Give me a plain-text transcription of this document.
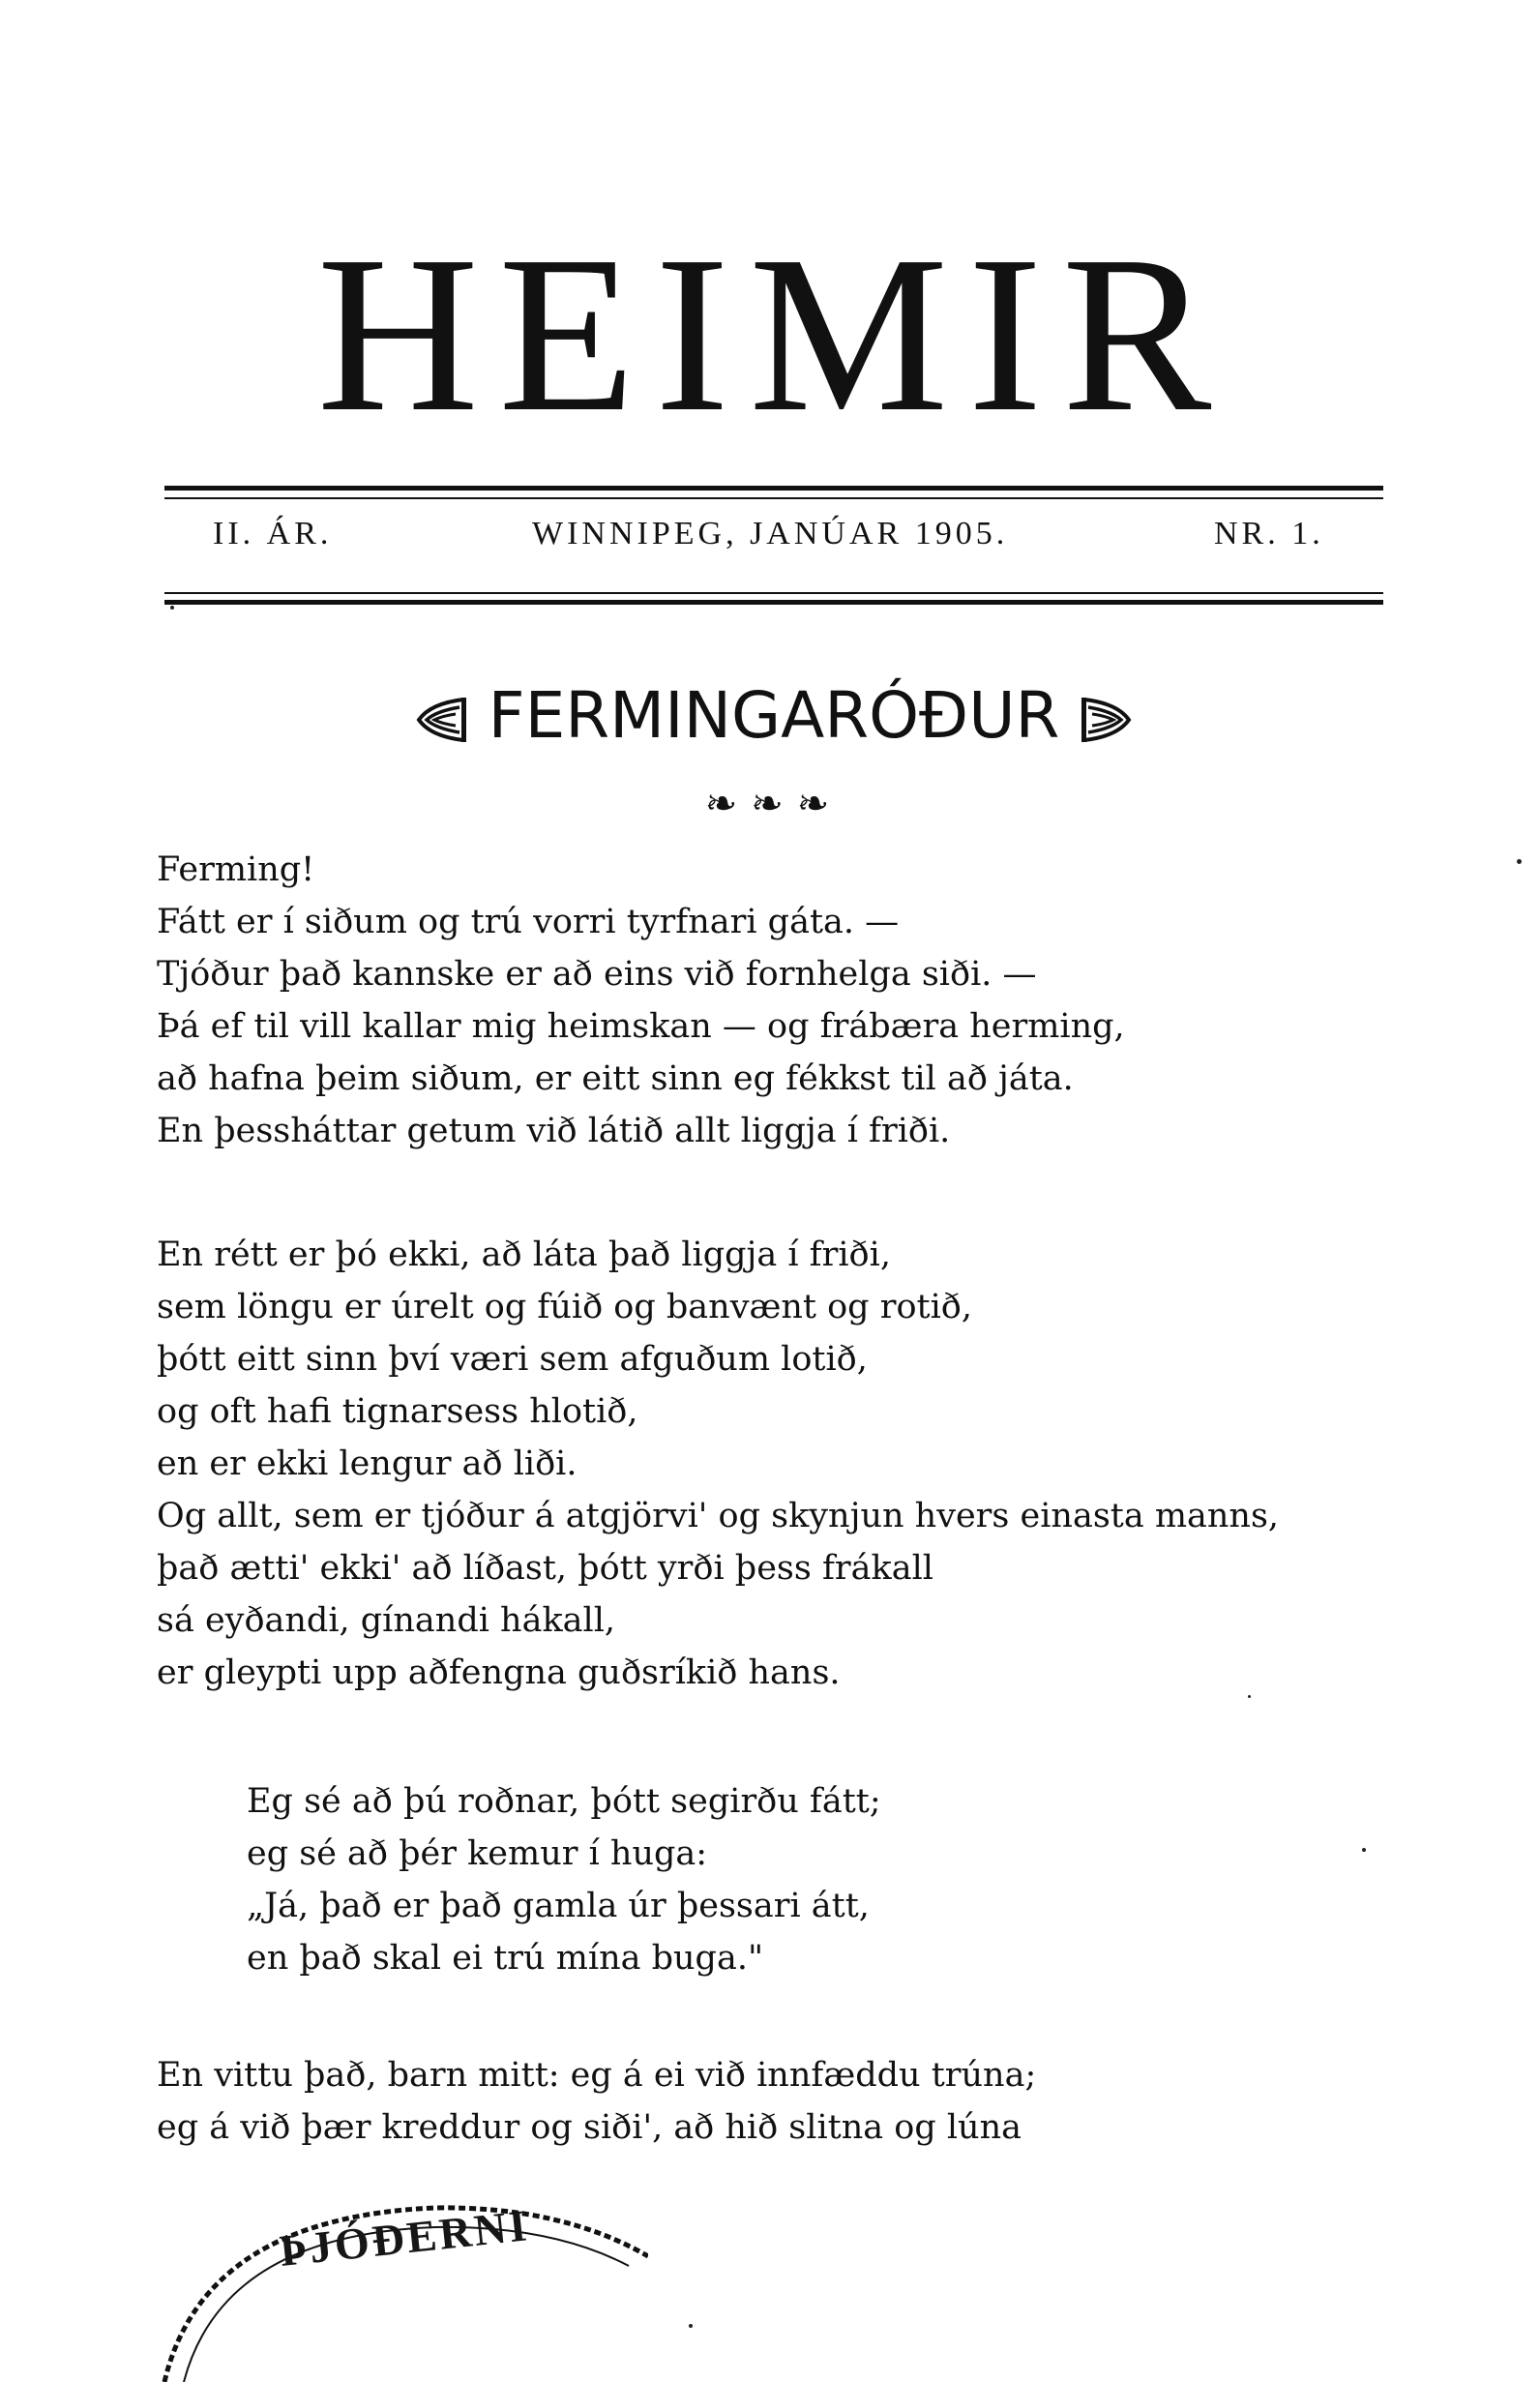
HEIMIR
II. ÁR.	WINNIPEG, JANÚAR 1905.	NR. 1.
FERMINGARÓÐUR
❧❧❧
Ferming!
Fátt er í siðum og trú vorri tyrfnari gáta. —
Tjóður það kannske er að eins við fornhelga siði. —
Þá ef til vill kallar mig heimskan — og frábæra herming,
að hafna þeim siðum, er eitt sinn eg fékkst til að játa.
En þessháttar getum við látið allt liggja í friði.
En rétt er þó ekki, að láta það liggja í friði,
sem löngu er úrelt og fúið og banvænt og rotið,
þótt eitt sinn því væri sem afguðum lotið,
og oft hafi tignarsess hlotið,
en er ekki lengur að liði.
Og allt, sem er tjóður á atgjörvi' og skynjun hvers einasta manns,
það ætti' ekki' að líðast, þótt yrði þess frákall
sá eyðandi, gínandi hákall,
er gleypti upp aðfengna guðsríkið hans.
Eg sé að þú roðnar, þótt segirðu fátt;
eg sé að þér kemur í huga:
„Já, það er það gamla úr þessari átt,
en það skal ei trú mína buga."
En vittu það, barn mitt: eg á ei við innfæddu trúna;
eg á við þær kreddur og siði', að hið slitna og lúna
ÞJÓÐERNI
